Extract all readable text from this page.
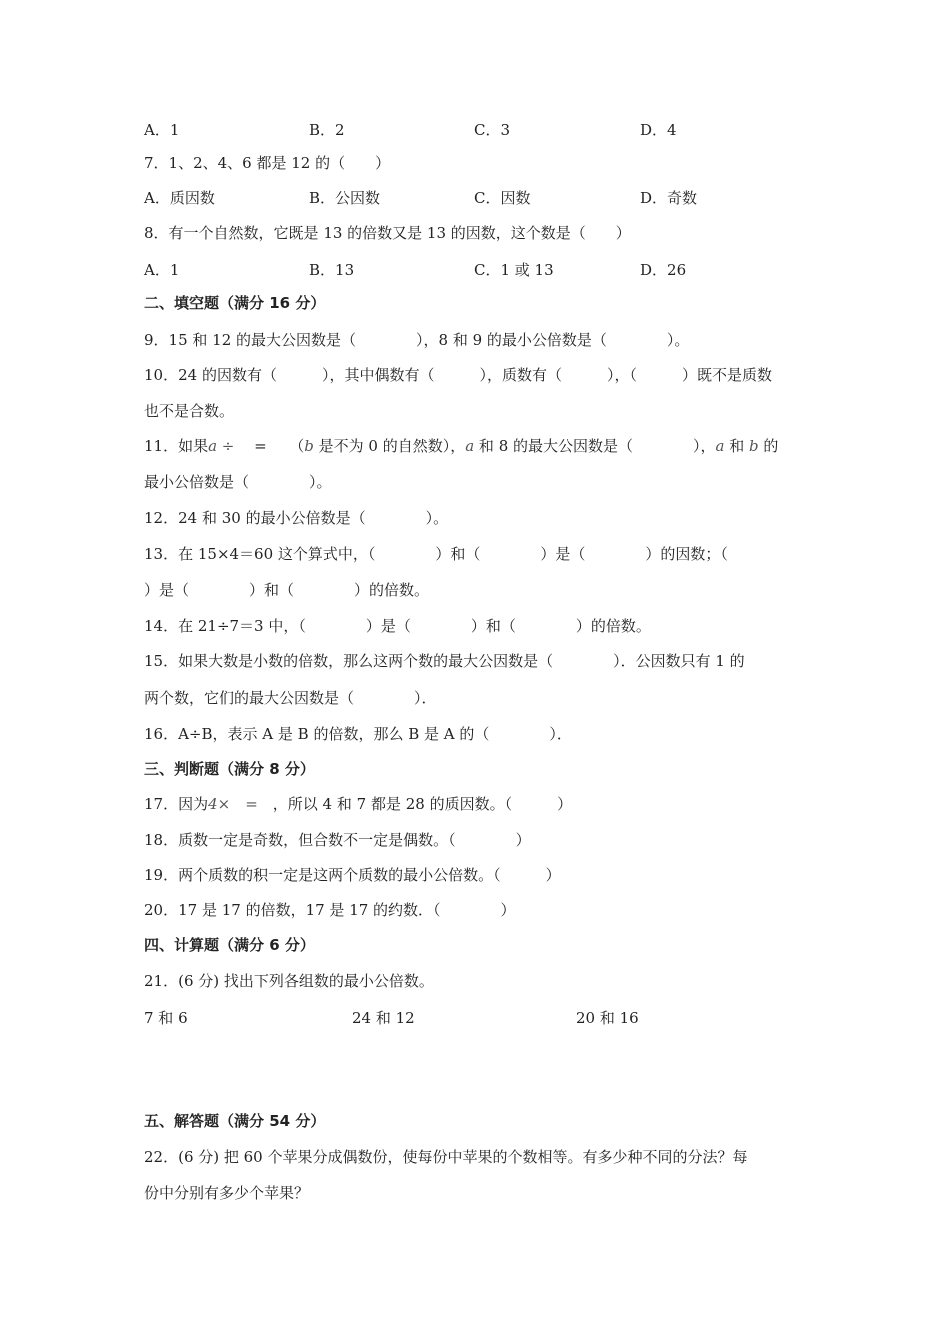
A．1	B．2	C．3	D．4
7．1、2、4、6 都是 12 的（　　）
A．质因数	B．公因数	C．因数	D．奇数
8．有一个自然数，它既是 13 的倍数又是 13 的因数，这个数是（　　）
A．1	B．13	C．1 或 13	D．26
二、填空题（满分 16 分）
9．15 和 12 的最大公因数是（　　　　），8 和 9 的最小公倍数是（　　　　）。
10．24 的因数有（　　　），其中偶数有（　　　），质数有（　　　），（　　　）既不是质数
也不是合数。
11．如果a ÷ 　=　　（b 是不为 0 的自然数），a 和 8 的最大公因数是（　　　　），a 和 b 的
最小公倍数是（　　　　）。
12．24 和 30 的最小公倍数是（　　　　）。
13．在 15×4＝60 这个算式中，（　　　　）和（　　　　）是（　　　　）的因数；（
）是（　　　　）和（　　　　）的倍数。
14．在 21÷7＝3 中，（　　　　）是（　　　　）和（　　　　）的倍数。
15．如果大数是小数的倍数，那么这两个数的最大公因数是（　　　　）．公因数只有 1 的
两个数，它们的最大公因数是（　　　　）．
16．A÷B，表示 A 是 B 的倍数，那么 B 是 A 的（　　　　）．
三、判断题（满分 8 分）
17．因为4×　=　，所以 4 和 7 都是 28 的质因数。（　　　）
18．质数一定是奇数，但合数不一定是偶数。（　　　　）
19．两个质数的积一定是这两个质数的最小公倍数。（　　　）
20．17 是 17 的倍数，17 是 17 的约数．（　　　　）
四、计算题（满分 6 分）
21．(6 分) 找出下列各组数的最小公倍数。
7 和 6	24 和 12	20 和 16
五、解答题（满分 54 分）
22．(6 分) 把 60 个苹果分成偶数份，使每份中苹果的个数相等。有多少种不同的分法？每
份中分别有多少个苹果？
